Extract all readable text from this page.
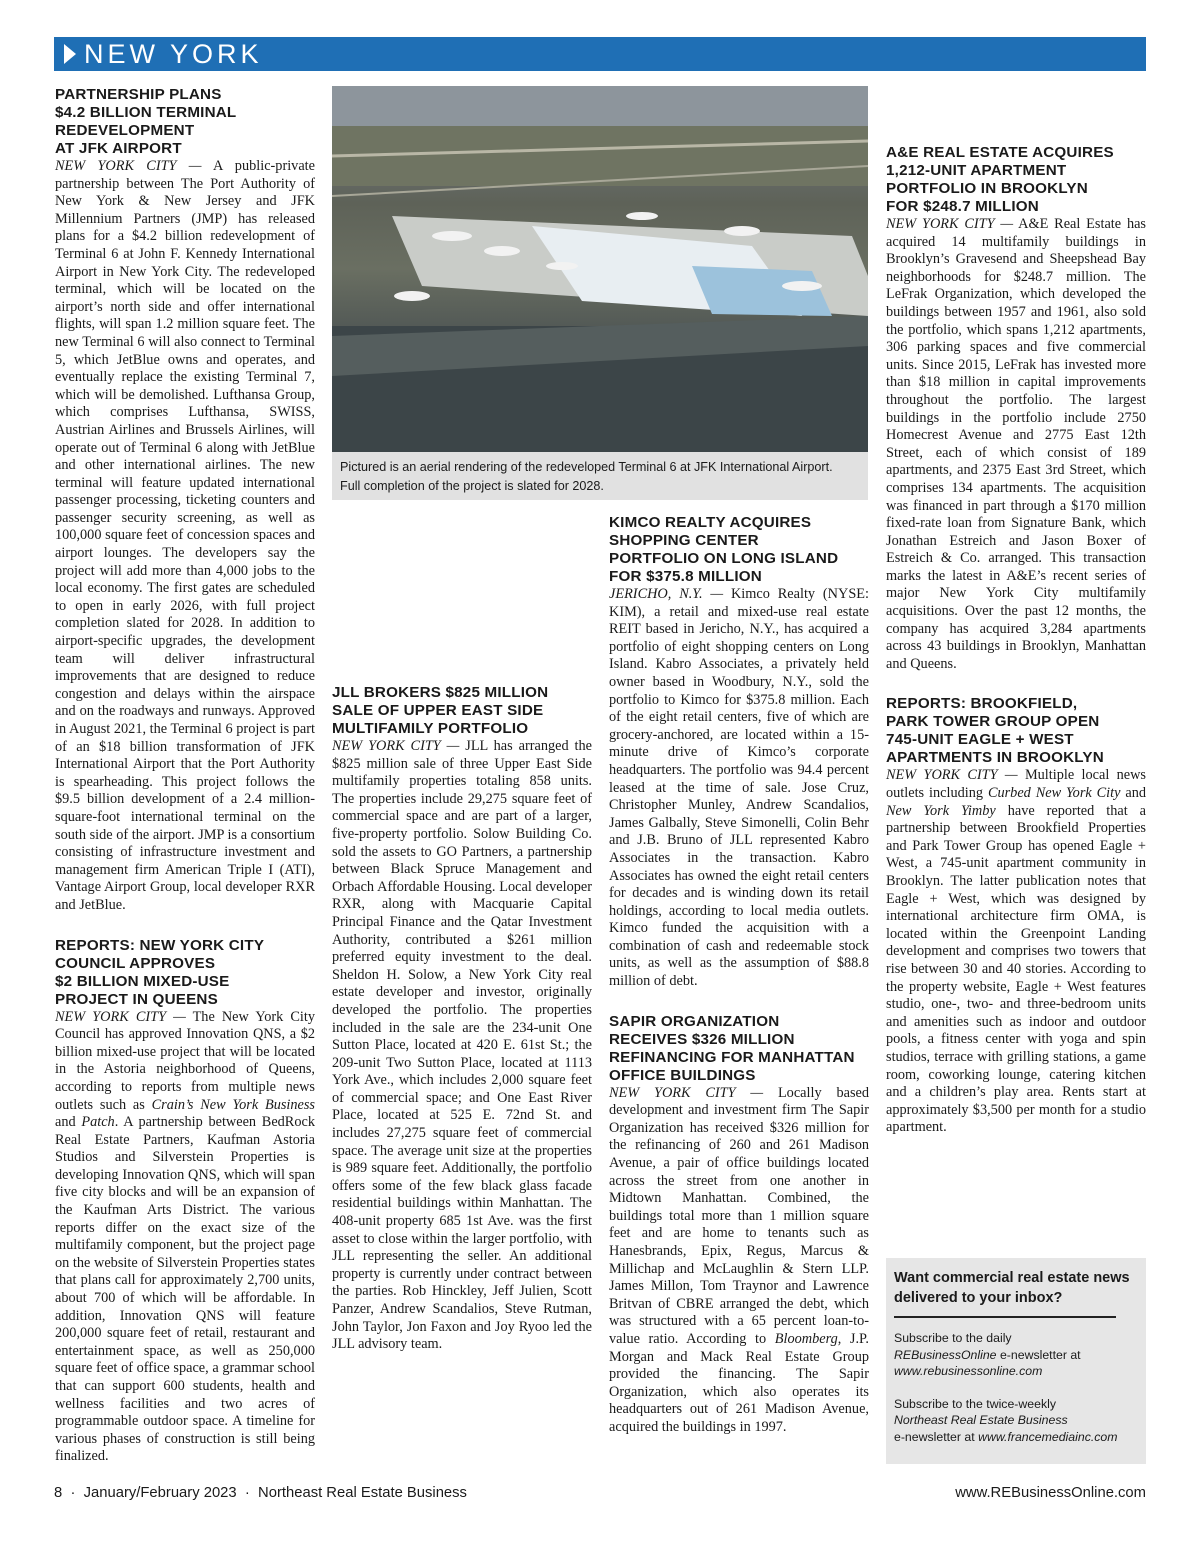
NEW YORK
PARTNERSHIP PLANS
$4.2 BILLION TERMINAL
REDEVELOPMENT
AT JFK AIRPORT

NEW YORK CITY — A public-private partnership between The Port Authority of New York & New Jersey and JFK Millennium Partners (JMP) has released plans for a $4.2 billion redevelopment of Terminal 6 at John F. Kennedy International Airport in New York City. The redeveloped terminal, which will be located on the airport’s north side and offer international flights, will span 1.2 million square feet. The new Terminal 6 will also connect to Terminal 5, which JetBlue owns and operates, and eventually replace the existing Terminal 7, which will be demolished. Lufthansa Group, which comprises Lufthansa, SWISS, Austrian Airlines and Brussels Airlines, will operate out of Terminal 6 along with JetBlue and other international airlines. The new terminal will feature updated international passenger processing, ticketing counters and passenger security screening, as well as 100,000 square feet of concession spaces and airport lounges. The developers say the project will add more than 4,000 jobs to the local economy. The first gates are scheduled to open in early 2026, with full project completion slated for 2028. In addition to airport-specific upgrades, the development team will deliver infrastructural improvements that are designed to reduce congestion and delays within the airspace and on the roadways and runways. Approved in August 2021, the Terminal 6 project is part of an $18 billion transformation of JFK International Airport that the Port Authority is spearheading. This project follows the $9.5 billion development of a 2.4 million-square-foot international terminal on the south side of the airport. JMP is a consortium consisting of infrastructure investment and management firm American Triple I (ATI), Vantage Airport Group, local developer RXR and JetBlue.

REPORTS: NEW YORK CITY
COUNCIL APPROVES
$2 BILLION MIXED-USE
PROJECT IN QUEENS

NEW YORK CITY — The New York City Council has approved Innovation QNS, a $2 billion mixed-use project that will be located in the Astoria neighborhood of Queens, according to reports from multiple news outlets such as Crain’s New York Business and Patch. A partnership between BedRock Real Estate Partners, Kaufman Astoria Studios and Silverstein Properties is developing Innovation QNS, which will span five city blocks and will be an expansion of the Kaufman Arts District. The various reports differ on the exact size of the multifamily component, but the project page on the website of Silverstein Properties states that plans call for approximately 2,700 units, about 700 of which will be affordable. In addition, Innovation QNS will feature 200,000 square feet of retail, restaurant and entertainment space, as well as 250,000 square feet of office space, a grammar school that can support 600 students, health and wellness facilities and two acres of programmable outdoor space. A timeline for various phases of construction is still being finalized.

Pictured is an aerial rendering of the redeveloped Terminal 6 at JFK International Airport.
Full completion of the project is slated for 2028.

JLL BROKERS $825 MILLION
SALE OF UPPER EAST SIDE
MULTIFAMILY PORTFOLIO

NEW YORK CITY — JLL has arranged the $825 million sale of three Upper East Side multifamily properties totaling 858 units. The properties include 29,275 square feet of commercial space and are part of a larger, five-property portfolio. Solow Building Co. sold the assets to GO Partners, a partnership between Black Spruce Management and Orbach Affordable Housing. Local developer RXR, along with Macquarie Capital Principal Finance and the Qatar Investment Authority, contributed a $261 million preferred equity investment to the deal. Sheldon H. Solow, a New York City real estate developer and investor, originally developed the portfolio. The properties included in the sale are the 234-unit One Sutton Place, located at 420 E. 61st St.; the 209-unit Two Sutton Place, located at 1113 York Ave., which includes 2,000 square feet of commercial space; and One East River Place, located at 525 E. 72nd St. and includes 27,275 square feet of commercial space. The average unit size at the properties is 989 square feet. Additionally, the portfolio offers some of the few black glass facade residential buildings within Manhattan. The 408-unit property 685 1st Ave. was the first asset to close within the larger portfolio, with JLL representing the seller. An additional property is currently under contract between the parties. Rob Hinckley, Jeff Julien, Scott Panzer, Andrew Scandalios, Steve Rutman, John Taylor, Jon Faxon and Joy Ryoo led the JLL advisory team.

KIMCO REALTY ACQUIRES
SHOPPING CENTER
PORTFOLIO ON LONG ISLAND
FOR $375.8 MILLION

JERICHO, N.Y. — Kimco Realty (NYSE: KIM), a retail and mixed-use real estate REIT based in Jericho, N.Y., has acquired a portfolio of eight shopping centers on Long Island. Kabro Associates, a privately held owner based in Woodbury, N.Y., sold the portfolio to Kimco for $375.8 million. Each of the eight retail centers, five of which are grocery-anchored, are located within a 15-minute drive of Kimco’s corporate headquarters. The portfolio was 94.4 percent leased at the time of sale. Jose Cruz, Christopher Munley, Andrew Scandalios, James Galbally, Steve Simonelli, Colin Behr and J.B. Bruno of JLL represented Kabro Associates in the transaction. Kabro Associates has owned the eight retail centers for decades and is winding down its retail holdings, according to local media outlets. Kimco funded the acquisition with a combination of cash and redeemable stock units, as well as the assumption of $88.8 million of debt.

SAPIR ORGANIZATION
RECEIVES $326 MILLION
REFINANCING FOR MANHATTAN
OFFICE BUILDINGS

NEW YORK CITY — Locally based development and investment firm The Sapir Organization has received $326 million for the refinancing of 260 and 261 Madison Avenue, a pair of office buildings located across the street from one another in Midtown Manhattan. Combined, the buildings total more than 1 million square feet and are home to tenants such as Hanesbrands, Epix, Regus, Marcus & Millichap and McLaughlin & Stern LLP. James Millon, Tom Traynor and Lawrence Britvan of CBRE arranged the debt, which was structured with a 65 percent loan-to-value ratio. According to Bloomberg, J.P. Morgan and Mack Real Estate Group provided the financing. The Sapir Organization, which also operates its headquarters out of 261 Madison Avenue, acquired the buildings in 1997.

A&E REAL ESTATE ACQUIRES
1,212-UNIT APARTMENT
PORTFOLIO IN BROOKLYN
FOR $248.7 MILLION

NEW YORK CITY — A&E Real Estate has acquired 14 multifamily buildings in Brooklyn’s Gravesend and Sheepshead Bay neighborhoods for $248.7 million. The LeFrak Organization, which developed the buildings between 1957 and 1961, also sold the portfolio, which spans 1,212 apartments, 306 parking spaces and five commercial units. Since 2015, LeFrak has invested more than $18 million in capital improvements throughout the portfolio. The largest buildings in the portfolio include 2750 Homecrest Avenue and 2775 East 12th Street, each of which consist of 189 apartments, and 2375 East 3rd Street, which comprises 134 apartments. The acquisition was financed in part through a $170 million fixed-rate loan from Signature Bank, which Jonathan Estreich and Jason Boxer of Estreich & Co. arranged. This transaction marks the latest in A&E’s recent series of major New York City multifamily acquisitions. Over the past 12 months, the company has acquired 3,284 apartments across 43 buildings in Brooklyn, Manhattan and Queens.

REPORTS: BROOKFIELD,
PARK TOWER GROUP OPEN
745-UNIT EAGLE + WEST
APARTMENTS IN BROOKLYN

NEW YORK CITY — Multiple local news outlets including Curbed New York City and New York Yimby have reported that a partnership between Brookfield Properties and Park Tower Group has opened Eagle + West, a 745-unit apartment community in Brooklyn. The latter publication notes that Eagle + West, which was designed by international architecture firm OMA, is located within the Greenpoint Landing development and comprises two towers that rise between 30 and 40 stories. According to the property website, Eagle + West features studio, one-, two- and three-bedroom units and amenities such as indoor and outdoor pools, a fitness center with yoga and spin studios, terrace with grilling stations, a game room, coworking lounge, catering kitchen and a children’s play area. Rents start at approximately $3,500 per month for a studio apartment.

Want commercial real estate news delivered to your inbox?
Subscribe to the daily
REBusinessOnline e-newsletter at
www.rebusinessonline.com
Subscribe to the twice-weekly
Northeast Real Estate Business
e-newsletter at www.francemediainc.com
8  ·  January/February 2023  ·  Northeast Real Estate Business	www.REBusinessOnline.com
